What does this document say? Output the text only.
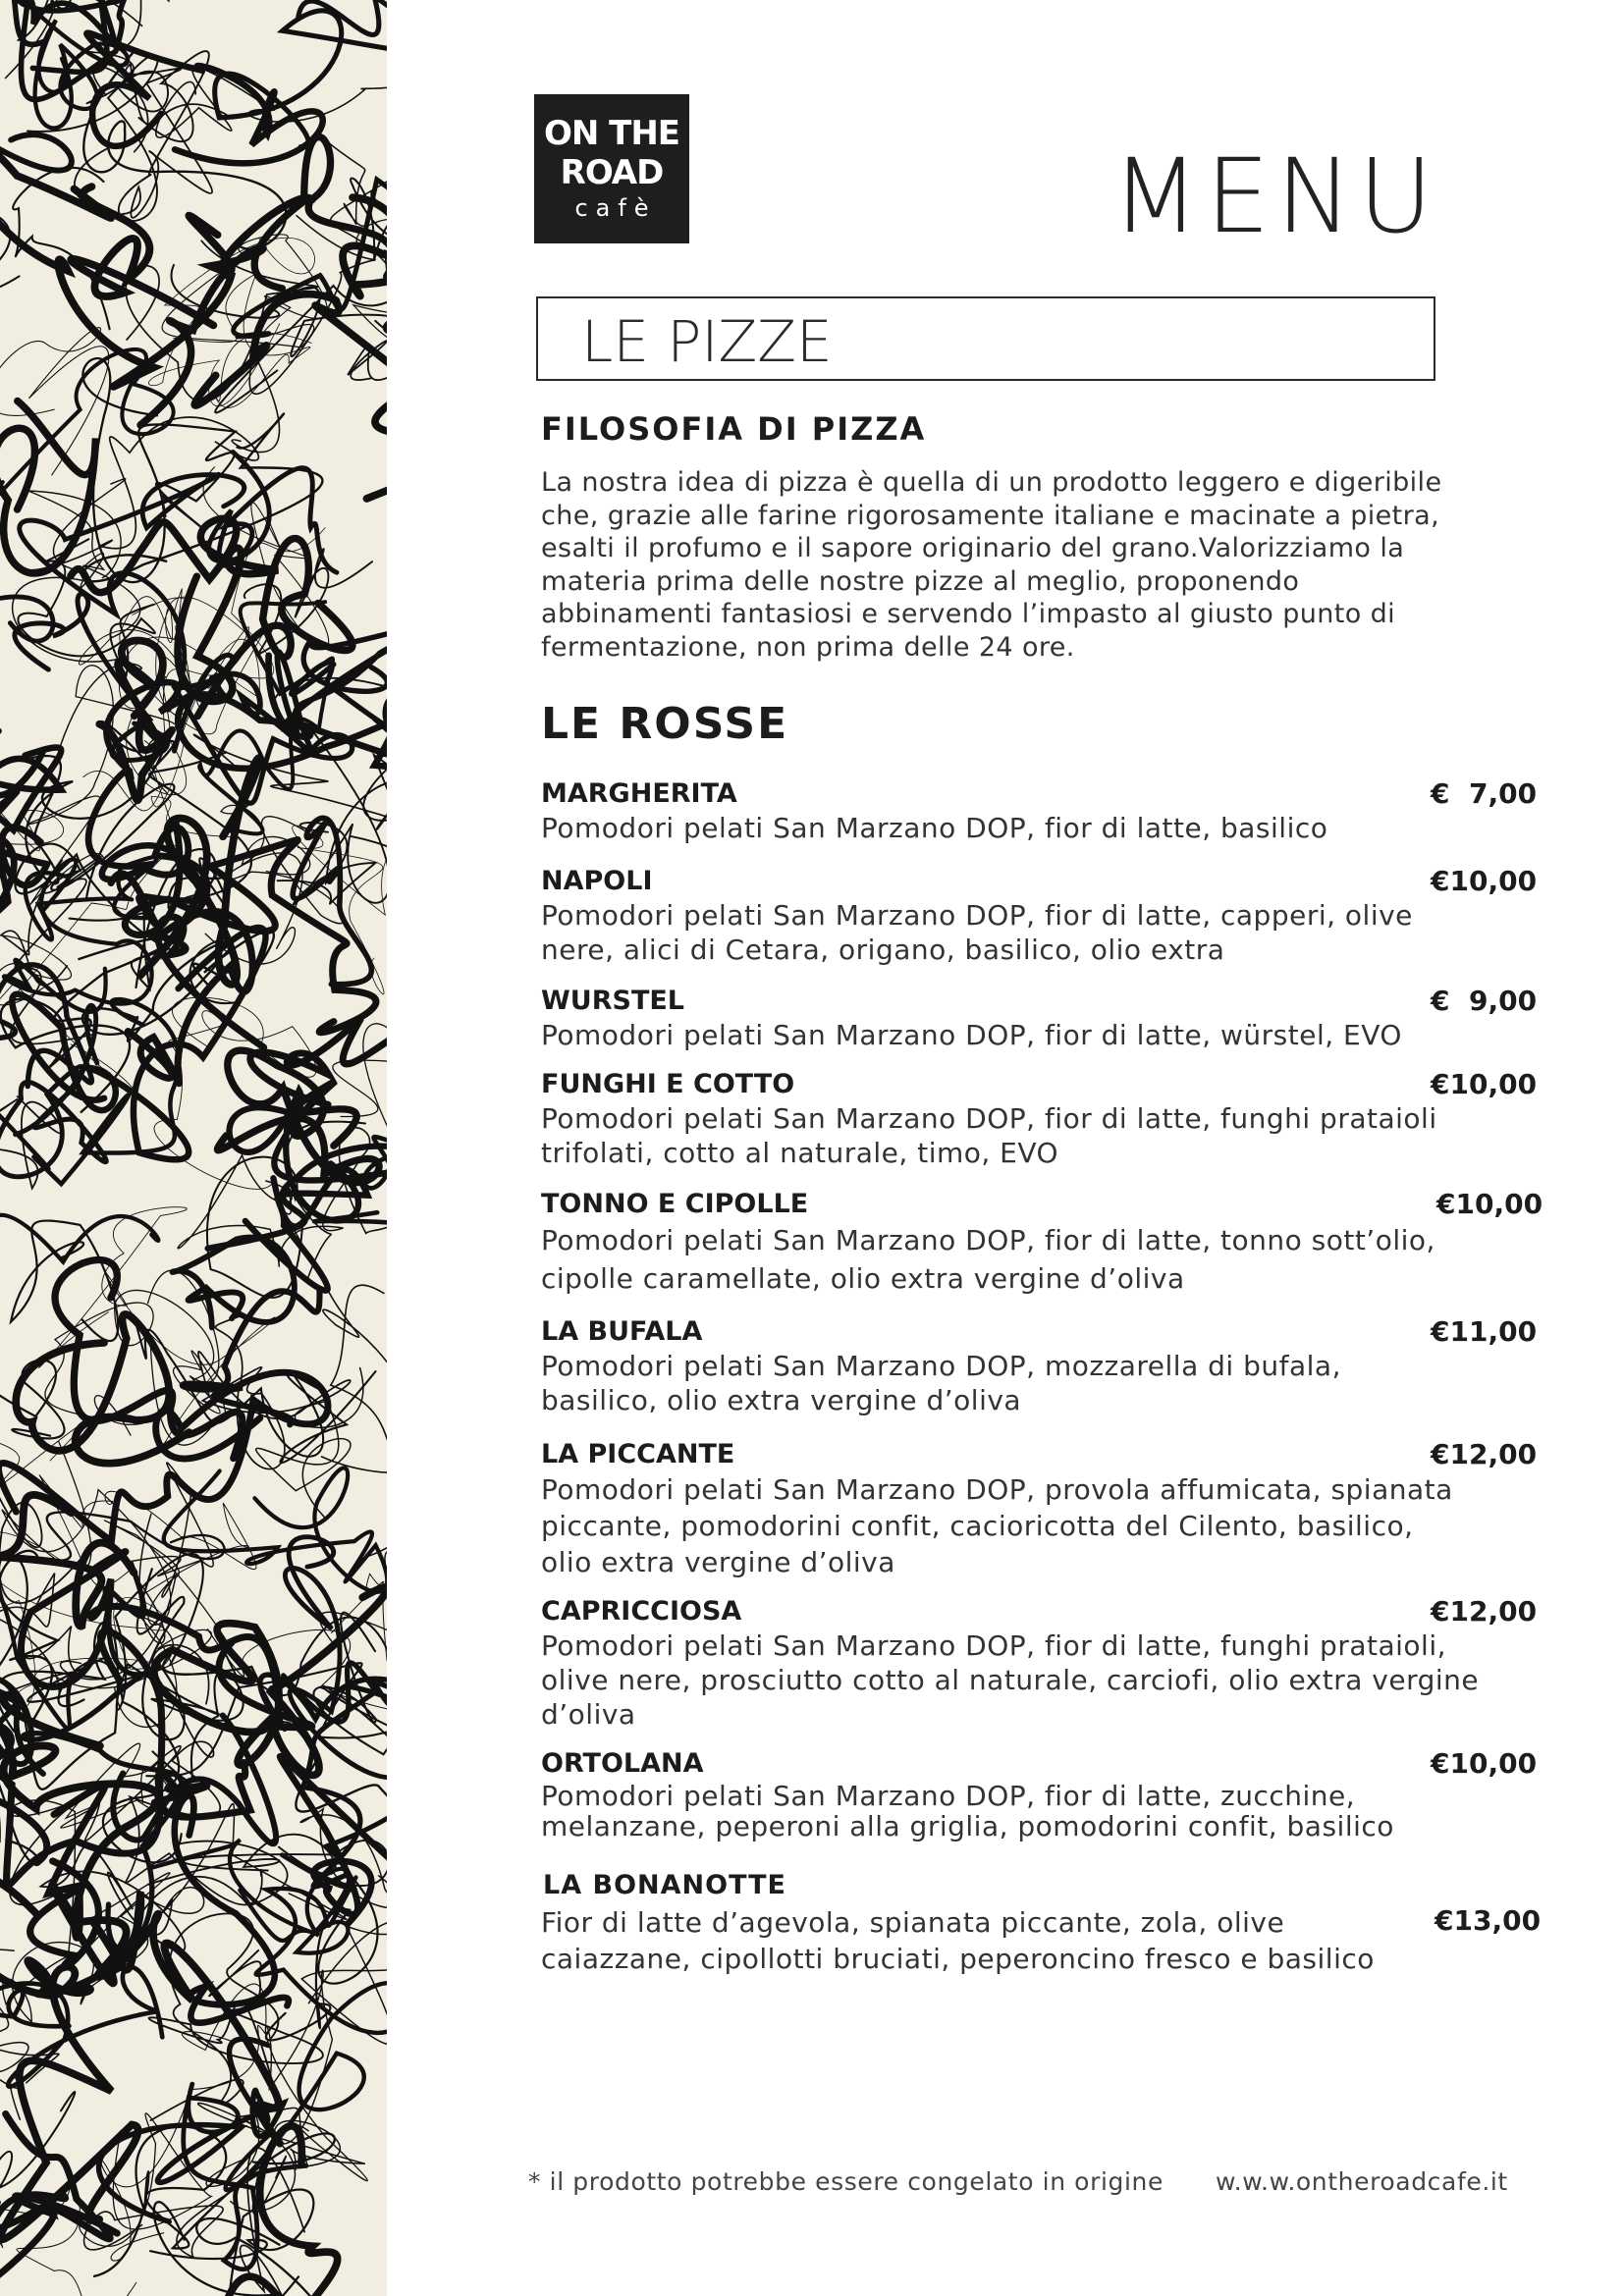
ON THE
ROAD
cafè	MENU
LE PIZZE
FILOSOFIA DI PIZZA
La nostra idea di pizza è quella di un prodotto leggero e digeribile che, grazie alle farine rigorosamente italiane e macinate a pietra, esalti il profumo e il sapore originario del grano.Valorizziamo la materia prima delle nostre pizze al meglio, proponendo abbinamenti fantasiosi e servendo l’impasto al giusto punto di fermentazione, non prima delle 24 ore.
LE ROSSE
MARGHERITA
Pomodori pelati San Marzano DOP, fior di latte, basilico
€  7,00
NAPOLI
Pomodori pelati San Marzano DOP, fior di latte, capperi, olive nere, alici di Cetara, origano, basilico, olio extra
€10,00
WURSTEL
Pomodori pelati San Marzano DOP, fior di latte, würstel, EVO
€  9,00
FUNGHI E COTTO
Pomodori pelati San Marzano DOP, fior di latte, funghi prataioli trifolati, cotto al naturale, timo, EVO
€10,00
TONNO E CIPOLLE
Pomodori pelati San Marzano DOP, fior di latte, tonno sott’olio, cipolle caramellate, olio extra vergine d’oliva
€10,00
LA BUFALA
Pomodori pelati San Marzano DOP, mozzarella di bufala, basilico, olio extra vergine d’oliva
€11,00
LA PICCANTE
Pomodori pelati San Marzano DOP, provola affumicata, spianata piccante, pomodorini confit, cacioricotta del Cilento, basilico, olio extra vergine d’oliva
€12,00
CAPRICCIOSA
Pomodori pelati San Marzano DOP, fior di latte, funghi prataioli, olive nere, prosciutto cotto al naturale, carciofi, olio extra vergine d’oliva
€12,00
ORTOLANA
Pomodori pelati San Marzano DOP, fior di latte, zucchine, melanzane, peperoni alla griglia, pomodorini confit, basilico
€10,00
LA BONANOTTE
Fior di latte d’agevola, spianata piccante, zola, olive caiazzane, cipollotti bruciati, peperoncino fresco e basilico
€13,00
* il prodotto potrebbe essere congelato in origine w.w.w.ontheroadcafe.it
